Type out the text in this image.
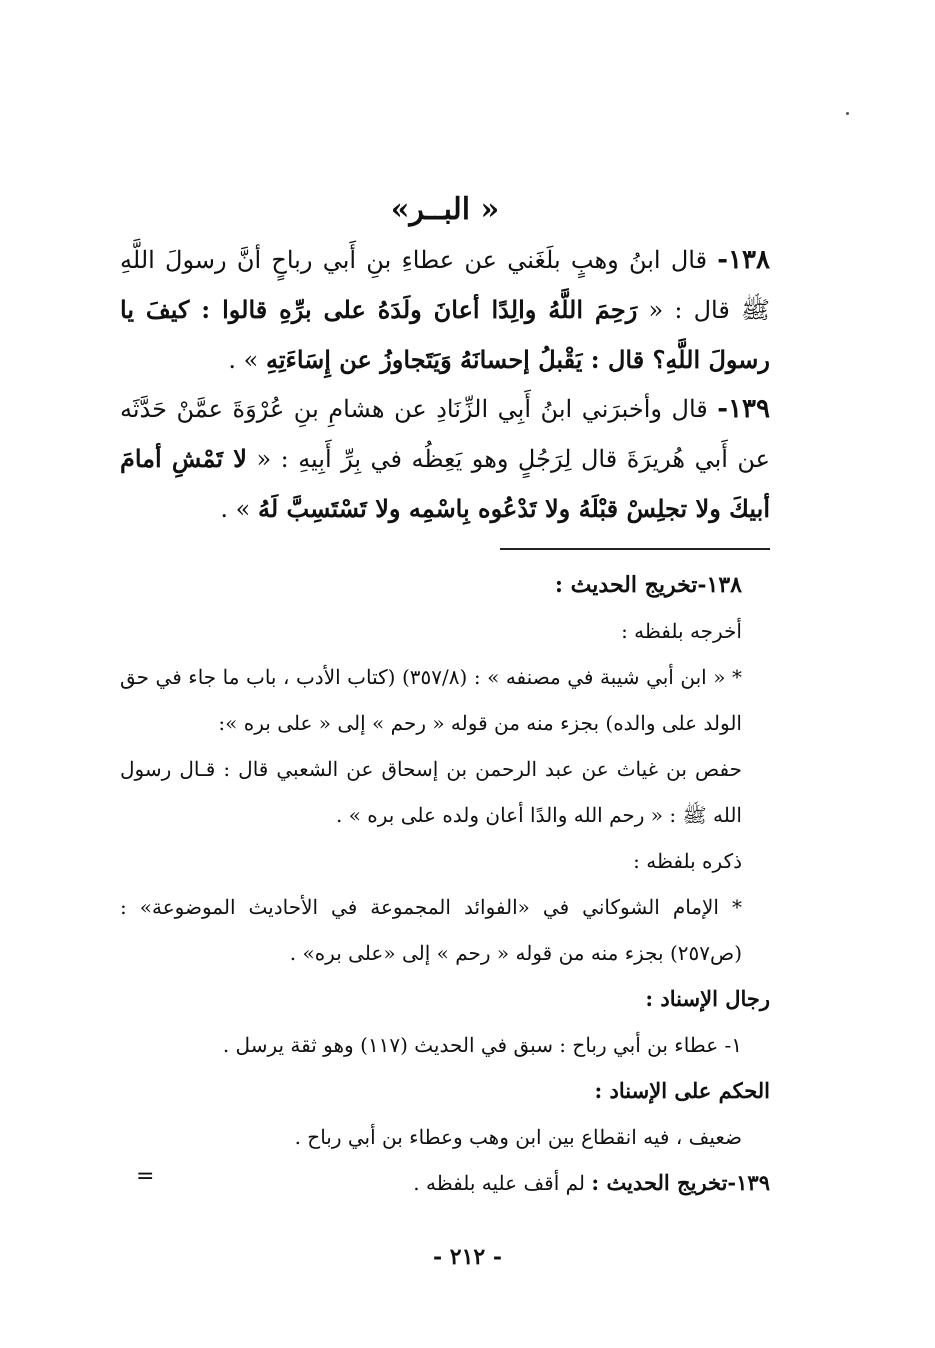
« البــر»

١٣٨- قال ابنُ وهبٍ بلَغَني عن عطاءِ بنِ أَبي رباحٍ أنَّ رسولَ اللَّهِ ﷺ قال : « رَحِمَ اللَّهُ والِدًا أعانَ ولَدَهُ على برِّهِ قالوا : كيفَ يا رسولَ اللَّهِ؟ قال : يَقْبلُ إحسانَهُ وَيَتَجاوزُ عن إِسَاءَتِهِ » .

١٣٩- قال وأخبرَني ابنُ أَبِي الزِّنَادِ عن هشامِ بنِ عُرْوَةَ عمَّنْ حَدَّثَه عن أَبي هُريرَةَ قال لِرَجُلٍ وهو يَعِظُه في بِرِّ أَبِيهِ : « لا تَمْشِ أمامَ أبيكَ ولا تجلِسْ قبْلَهُ ولا تَدْعُوه بِاسْمِه ولا تَسْتَسِبَّ لَهُ » .

١٣٨-تخريج الحديث :

أخرجه بلفظه :

* « ابن أبي شيبة في مصنفه » : (٣٥٧/٨) (كتاب الأدب ، باب ما جاء في حق الولد على والده) بجزء منه من قوله « رحم » إلى « على بره »:

حفص بن غياث عن عبد الرحمن بن إسحاق عن الشعبي قال : قـال رسول الله ﷺ : « رحم الله والدًا أعان ولده على بره » .

ذكره بلفظه :

* الإمام الشوكاني في «الفوائد المجموعة في الأحاديث الموضوعة» : (ص٢٥٧) بجزء منه من قوله « رحم » إلى «على بره» .

رجال الإسناد :

١- عطاء بن أبي رباح : سبق في الحديث (١١٧) وهو ثقة يرسل .

الحكم على الإسناد :

ضعيف ، فيه انقطاع بين ابن وهب وعطاء بن أبي رباح .

١٣٩-تخريج الحديث : لم أقف عليه بلفظه .

=
- ٢١٢ -
